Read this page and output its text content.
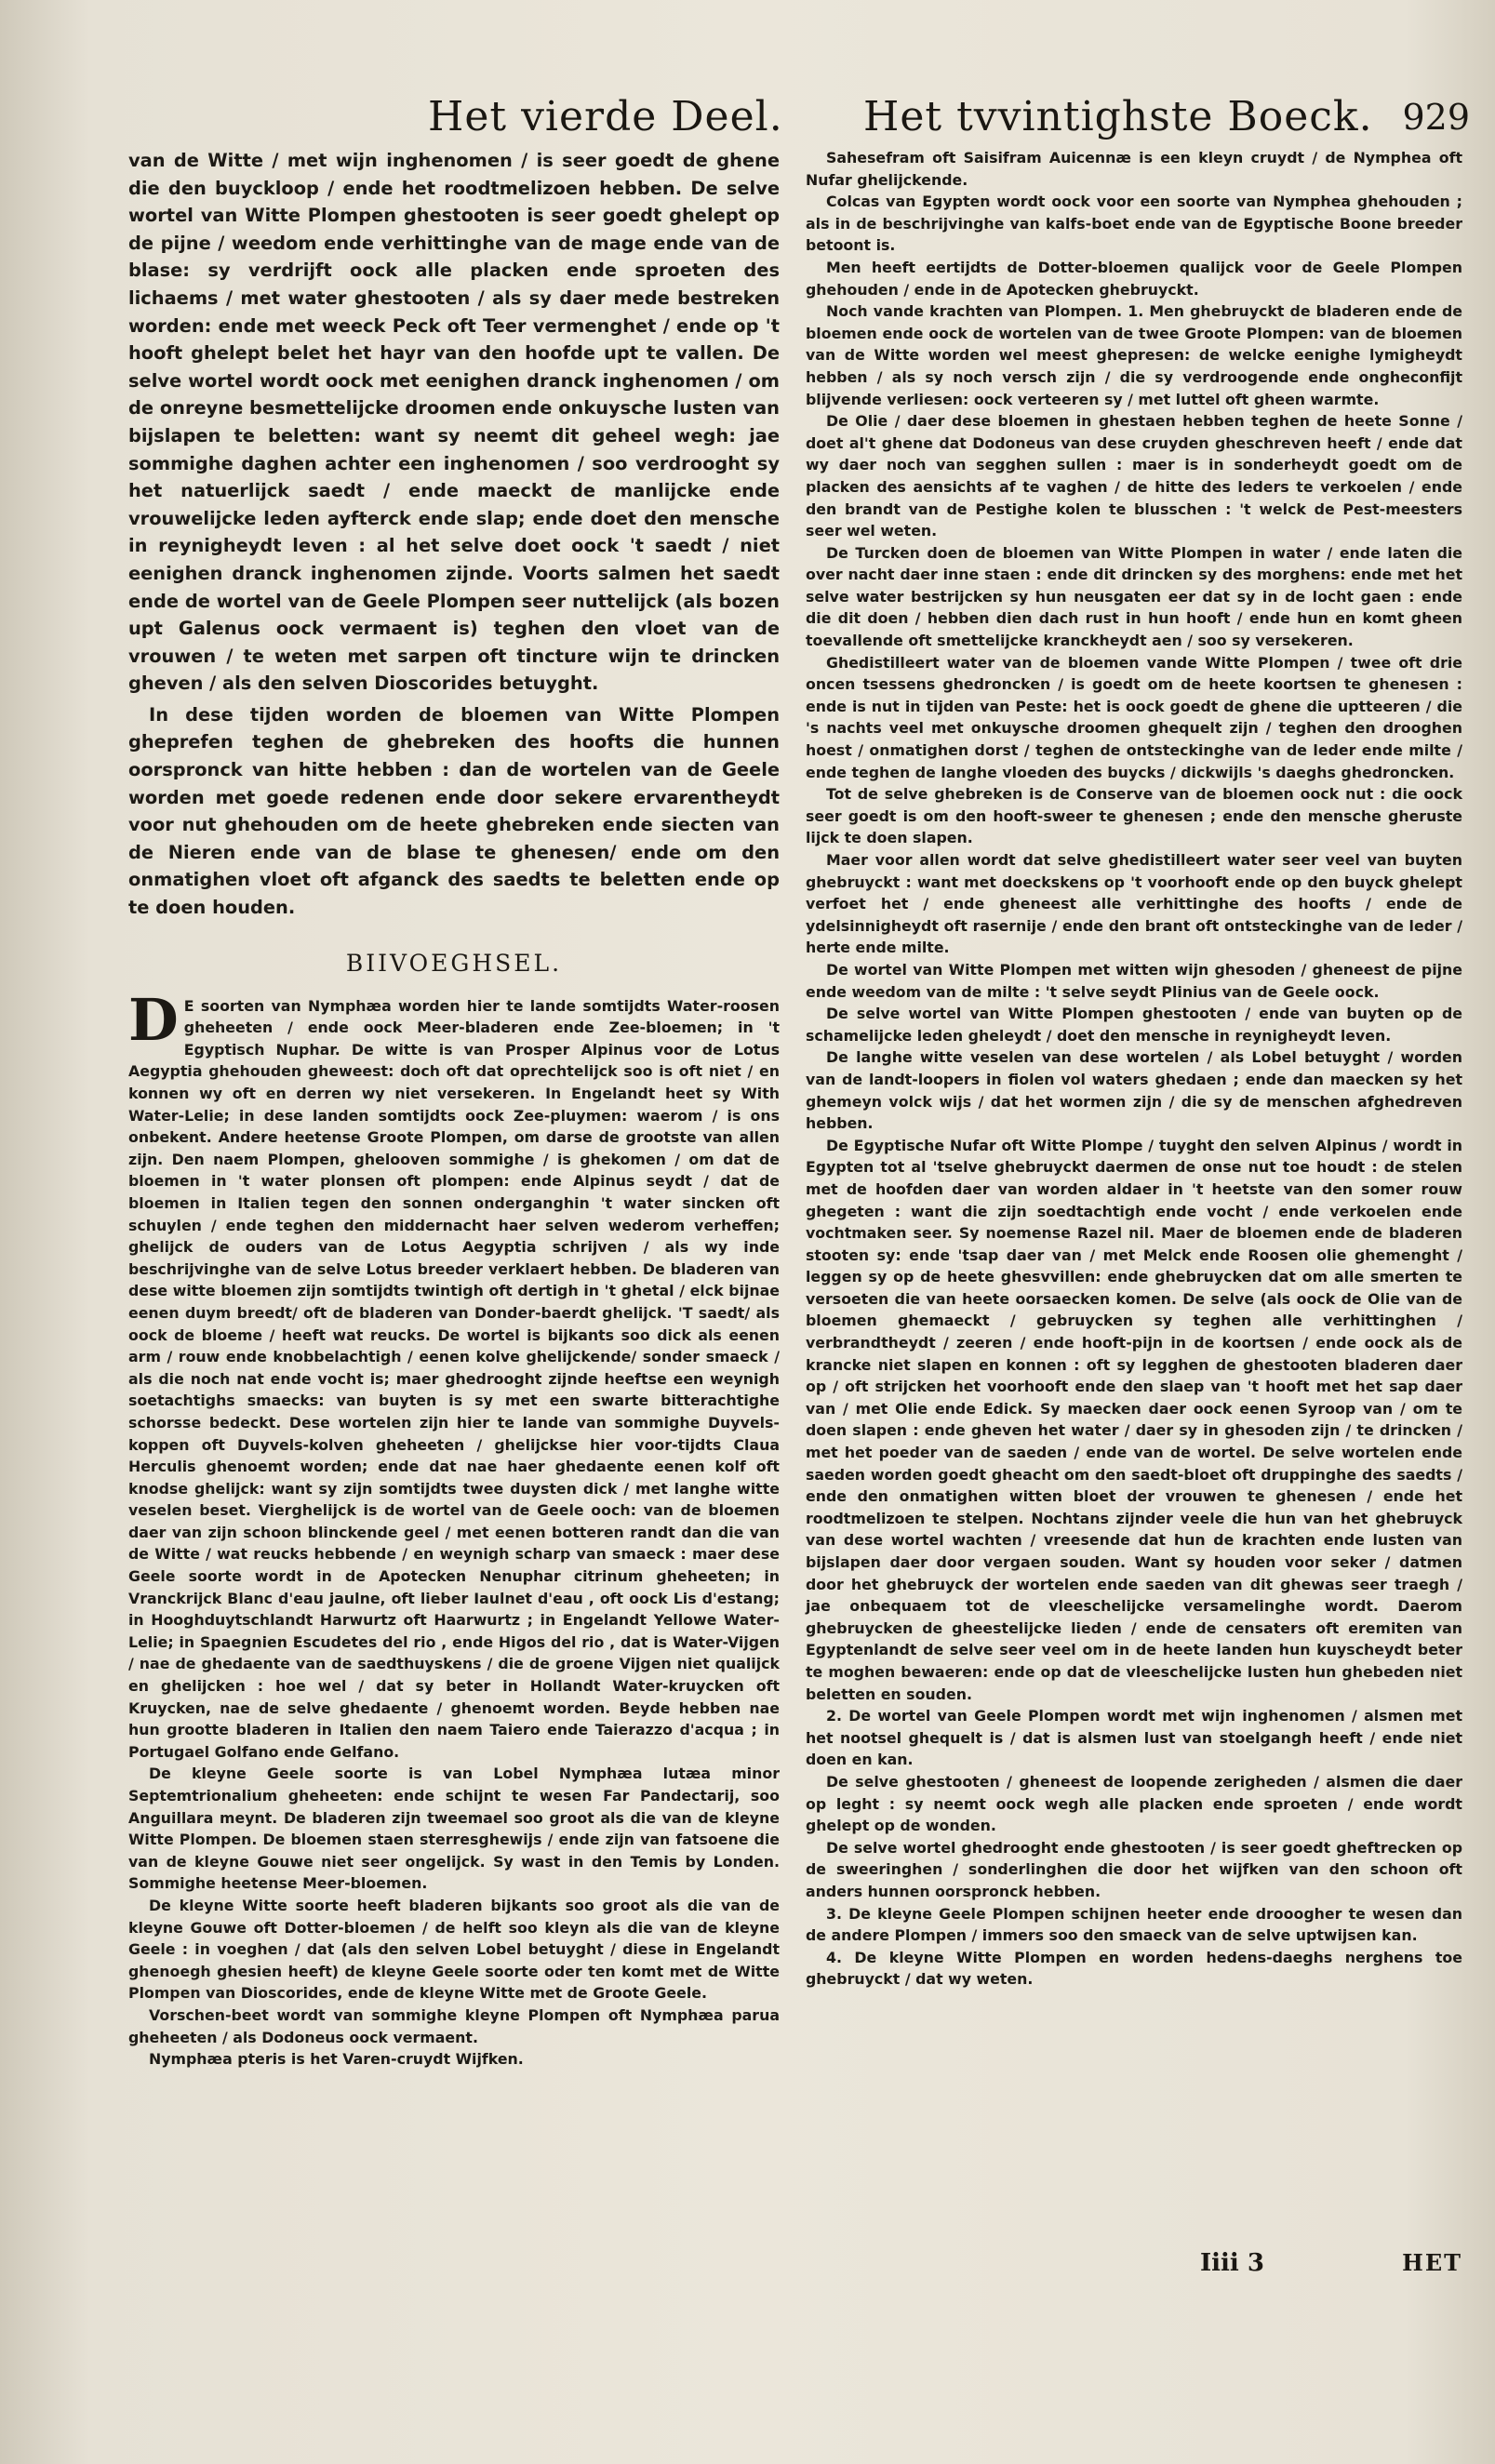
Het vierde Deel. Het tvvintighste Boeck. 929

van de Witte / met wijn inghenomen / is seer goedt de ghene die den buyckloop / ende het roodtmelizoen hebben. De selve wortel van Witte Plompen ghestooten is seer goedt ghelept op de pijne / weedom ende verhittinghe van de mage ende van de blase: sy verdrijft oock alle placken ende sproeten des lichaems / met water ghestooten / als sy daer mede bestreken worden: ende met weeck Peck oft Teer vermenghet / ende op 't hooft ghelept belet het hayr van den hoofde upt te vallen. De selve wortel wordt oock met eenighen dranck inghenomen / om de onreyne besmettelijcke droomen ende onkuysche lusten van bijslapen te beletten: want sy neemt dit geheel wegh: jae sommighe daghen achter een inghenomen / soo verdrooght sy het natuerlijck saedt / ende maeckt de manlijcke ende vrouwelijcke leden ayfterck ende slap; ende doet den mensche in reynigheydt leven : al het selve doet oock 't saedt / niet eenighen dranck inghenomen zijnde. Voorts salmen het saedt ende de wortel van de Geele Plompen seer nuttelijck (als bozen upt Galenus oock vermaent is) teghen den vloet van de vrouwen / te weten met sarpen oft tincture wijn te drincken gheven / als den selven Dioscorides betuyght.

In dese tijden worden de bloemen van Witte Plompen gheprefen teghen de ghebreken des hoofts die hunnen oorspronck van hitte hebben : dan de wortelen van de Geele worden met goede redenen ende door sekere ervarentheydt voor nut ghehouden om de heete ghebreken ende siecten van de Nieren ende van de blase te ghenesen/ ende om den onmatighen vloet oft afganck des saedts te beletten ende op te doen houden.

BIIVOEGHSEL.

D E soorten van Nymphæa worden hier te lande somtijdts Water-roosen gheheeten / ende oock Meer-bladeren ende Zee-bloemen; in 't Egyptisch Nuphar. De witte is van Prosper Alpinus voor de Lotus Aegyptia ghehouden gheweest: doch oft dat oprechtelijck soo is oft niet / en konnen wy oft en derren wy niet versekeren. In Engelandt heet sy With Water-Lelie; in dese landen somtijdts oock Zee-pluymen: waerom / is ons onbekent. Andere heetense Groote Plompen, om darse de grootste van allen zijn. Den naem Plompen, ghelooven sommighe / is ghekomen / om dat de bloemen in 't water plonsen oft plompen: ende Alpinus seydt / dat de bloemen in Italien tegen den sonnen onderganghin 't water sincken oft schuylen / ende teghen den middernacht haer selven wederom verheffen; ghelijck de ouders van de Lotus Aegyptia schrijven / als wy inde beschrijvinghe van de selve Lotus breeder verklaert hebben. De bladeren van dese witte bloemen zijn somtijdts twintigh oft dertigh in 't ghetal / elck bijnae eenen duym breedt/ oft de bladeren van Donder-baerdt ghelijck. 'T saedt/ als oock de bloeme / heeft wat reucks. De wortel is bijkants soo dick als eenen arm / rouw ende knobbelachtigh / eenen kolve ghelijckende/ sonder smaeck / als die noch nat ende vocht is; maer ghedrooght zijnde heeftse een weynigh soetachtighs smaecks: van buyten is sy met een swarte bitterachtighe schorsse bedeckt. Dese wortelen zijn hier te lande van sommighe Duyvels-koppen oft Duyvels-kolven gheheeten / ghelijckse hier voor-tijdts Claua Herculis ghenoemt worden; ende dat nae haer ghedaente eenen kolf oft knodse ghelijck: want sy zijn somtijdts twee duysten dick / met langhe witte veselen beset. Vierghelijck is de wortel van de Geele ooch: van de bloemen daer van zijn schoon blinckende geel / met eenen botteren randt dan die van de Witte / wat reucks hebbende / en weynigh scharp van smaeck : maer dese Geele soorte wordt in de Apotecken Nenuphar citrinum gheheeten; in Vranckrijck Blanc d'eau jaulne, oft lieber Iaulnet d'eau , oft oock Lis d'estang; in Hooghduytschlandt Harwurtz oft Haarwurtz ; in Engelandt Yellowe Water-Lelie; in Spaegnien Escudetes del rio , ende Higos del rio , dat is Water-Vijgen / nae de ghedaente van de saedthuyskens / die de groene Vijgen niet qualijck en ghelijcken : hoe wel / dat sy beter in Hollandt Water-kruycken oft Kruycken, nae de selve ghedaente / ghenoemt worden. Beyde hebben nae hun grootte bladeren in Italien den naem Taiero ende Taierazzo d'acqua ; in Portugael Golfano ende Gelfano.

De kleyne Geele soorte is van Lobel Nymphæa lutæa minor Septemtrionalium gheheeten: ende schijnt te wesen Far Pandectarij, soo Anguillara meynt. De bladeren zijn tweemael soo groot als die van de kleyne Witte Plompen. De bloemen staen sterresghewijs / ende zijn van fatsoene die van de kleyne Gouwe niet seer ongelijck. Sy wast in den Temis by Londen. Sommighe heetense Meer-bloemen.

De kleyne Witte soorte heeft bladeren bijkants soo groot als die van de kleyne Gouwe oft Dotter-bloemen / de helft soo kleyn als die van de kleyne Geele : in voeghen / dat (als den selven Lobel betuyght / diese in Engelandt ghenoegh ghesien heeft) de kleyne Geele soorte oder ten komt met de Witte Plompen van Dioscorides, ende de kleyne Witte met de Groote Geele.

Vorschen-beet wordt van sommighe kleyne Plompen oft Nymphæa parua gheheeten / als Dodoneus oock vermaent.

Nymphæa pteris is het Varen-cruydt Wijfken.

Sahesefram oft Saisifram Auicennæ is een kleyn cruydt / de Nymphea oft Nufar ghelijckende.

Colcas van Egypten wordt oock voor een soorte van Nymphea ghehouden ; als in de beschrijvinghe van kalfs-boet ende van de Egyptische Boone breeder betoont is.

Men heeft eertijdts de Dotter-bloemen qualijck voor de Geele Plompen ghehouden / ende in de Apotecken ghebruyckt.

Noch vande krachten van Plompen. 1. Men ghebruyckt de bladeren ende de bloemen ende oock de wortelen van de twee Groote Plompen: van de bloemen van de Witte worden wel meest ghepresen: de welcke eenighe lymigheydt hebben / als sy noch versch zijn / die sy verdroogende ende ongheconfijt blijvende verliesen: oock verteeren sy / met luttel oft gheen warmte.

De Olie / daer dese bloemen in ghestaen hebben teghen de heete Sonne / doet al't ghene dat Dodoneus van dese cruyden gheschreven heeft / ende dat wy daer noch van segghen sullen : maer is in sonderheydt goedt om de placken des aensichts af te vaghen / de hitte des leders te verkoelen / ende den brandt van de Pestighe kolen te blusschen : 't welck de Pest-meesters seer wel weten.

De Turcken doen de bloemen van Witte Plompen in water / ende laten die over nacht daer inne staen : ende dit drincken sy des morghens: ende met het selve water bestrijcken sy hun neusgaten eer dat sy in de locht gaen : ende die dit doen / hebben dien dach rust in hun hooft / ende hun en komt gheen toevallende oft smettelijcke kranckheydt aen / soo sy versekeren.

Ghedistilleert water van de bloemen vande Witte Plompen / twee oft drie oncen tsessens ghedroncken / is goedt om de heete koortsen te ghenesen : ende is nut in tijden van Peste: het is oock goedt de ghene die uptteeren / die 's nachts veel met onkuysche droomen ghequelt zijn / teghen den drooghen hoest / onmatighen dorst / teghen de ontsteckinghe van de leder ende milte / ende teghen de langhe vloeden des buycks / dickwijls 's daeghs ghedroncken.

Tot de selve ghebreken is de Conserve van de bloemen oock nut : die oock seer goedt is om den hooft-sweer te ghenesen ; ende den mensche gheruste lijck te doen slapen.

Maer voor allen wordt dat selve ghedistilleert water seer veel van buyten ghebruyckt : want met doeckskens op 't voorhooft ende op den buyck ghelept verfoet het / ende gheneest alle verhittinghe des hoofts / ende de ydelsinnigheydt oft rasernije / ende den brant oft ontsteckinghe van de leder / herte ende milte.

De wortel van Witte Plompen met witten wijn ghesoden / gheneest de pijne ende weedom van de milte : 't selve seydt Plinius van de Geele oock.

De selve wortel van Witte Plompen ghestooten / ende van buyten op de schamelijcke leden gheleydt / doet den mensche in reynigheydt leven.

De langhe witte veselen van dese wortelen / als Lobel betuyght / worden van de landt-loopers in fiolen vol waters ghedaen ; ende dan maecken sy het ghemeyn volck wijs / dat het wormen zijn / die sy de menschen afghedreven hebben.

De Egyptische Nufar oft Witte Plompe / tuyght den selven Alpinus / wordt in Egypten tot al 'tselve ghebruyckt daermen de onse nut toe houdt : de stelen met de hoofden daer van worden aldaer in 't heetste van den somer rouw ghegeten : want die zijn soedtachtigh ende vocht / ende verkoelen ende vochtmaken seer. Sy noemense Razel nil. Maer de bloemen ende de bladeren stooten sy: ende 'tsap daer van / met Melck ende Roosen olie ghemenght / leggen sy op de heete ghesvvillen: ende ghebruycken dat om alle smerten te versoeten die van heete oorsaecken komen. De selve (als oock de Olie van de bloemen ghemaeckt / gebruycken sy teghen alle verhittinghen / verbrandtheydt / zeeren / ende hooft-pijn in de koortsen / ende oock als de krancke niet slapen en konnen : oft sy legghen de ghestooten bladeren daer op / oft strijcken het voorhooft ende den slaep van 't hooft met het sap daer van / met Olie ende Edick. Sy maecken daer oock eenen Syroop van / om te doen slapen : ende gheven het water / daer sy in ghesoden zijn / te drincken / met het poeder van de saeden / ende van de wortel. De selve wortelen ende saeden worden goedt gheacht om den saedt-bloet oft druppinghe des saedts / ende den onmatighen witten bloet der vrouwen te ghenesen / ende het roodtmelizoen te stelpen. Nochtans zijnder veele die hun van het ghebruyck van dese wortel wachten / vreesende dat hun de krachten ende lusten van bijslapen daer door vergaen souden. Want sy houden voor seker / datmen door het ghebruyck der wortelen ende saeden van dit ghewas seer traegh / jae onbequaem tot de vleeschelijcke versamelinghe wordt. Daerom ghebruycken de gheestelijcke lieden / ende de censaters oft eremiten van Egyptenlandt de selve seer veel om in de heete landen hun kuyscheydt beter te moghen bewaeren: ende op dat de vleeschelijcke lusten hun ghebeden niet beletten en souden.

2. De wortel van Geele Plompen wordt met wijn inghenomen / alsmen met het nootsel ghequelt is / dat is alsmen lust van stoelgangh heeft / ende niet doen en kan.

De selve ghestooten / gheneest de loopende zerigheden / alsmen die daer op leght : sy neemt oock wegh alle placken ende sproeten / ende wordt ghelept op de wonden.

De selve wortel ghedrooght ende ghestooten / is seer goedt gheftrecken op de sweeringhen / sonderlinghen die door het wijfken van den schoon oft anders hunnen oorspronck hebben.

3. De kleyne Geele Plompen schijnen heeter ende drooogher te wesen dan de andere Plompen / immers soo den smaeck van de selve uptwijsen kan.

4. De kleyne Witte Plompen en worden hedens-daeghs nerghens toe ghebruyckt / dat wy weten.

Iiii 3	HET
